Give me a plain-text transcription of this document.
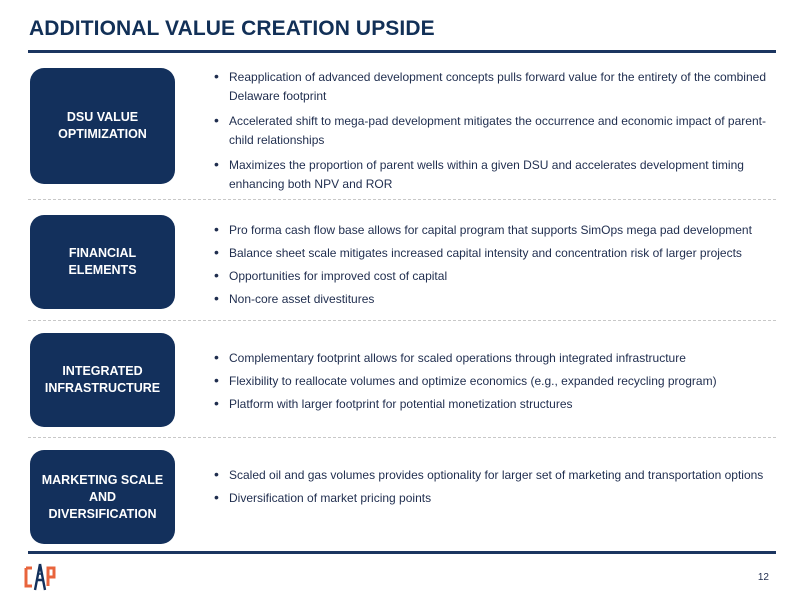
ADDITIONAL VALUE CREATION UPSIDE
DSU VALUE OPTIMIZATION
• Reapplication of advanced development concepts pulls forward value for the entirety of the combined Delaware footprint
• Accelerated shift to mega-pad development mitigates the occurrence and economic impact of parent-child relationships
• Maximizes the proportion of parent wells within a given DSU and accelerates development timing enhancing both NPV and ROR
FINANCIAL ELEMENTS
• Pro forma cash flow base allows for capital program that supports SimOps mega pad development
• Balance sheet scale mitigates increased capital intensity and concentration risk of larger projects
• Opportunities for improved cost of capital
• Non-core asset divestitures
INTEGRATED INFRASTRUCTURE
• Complementary footprint allows for scaled operations through integrated infrastructure
• Flexibility to reallocate volumes and optimize economics (e.g., expanded recycling program)
• Platform with larger footprint for potential monetization structures
MARKETING SCALE AND DIVERSIFICATION
• Scaled oil and gas volumes provides optionality for larger set of marketing and transportation options
• Diversification of market pricing points
12
